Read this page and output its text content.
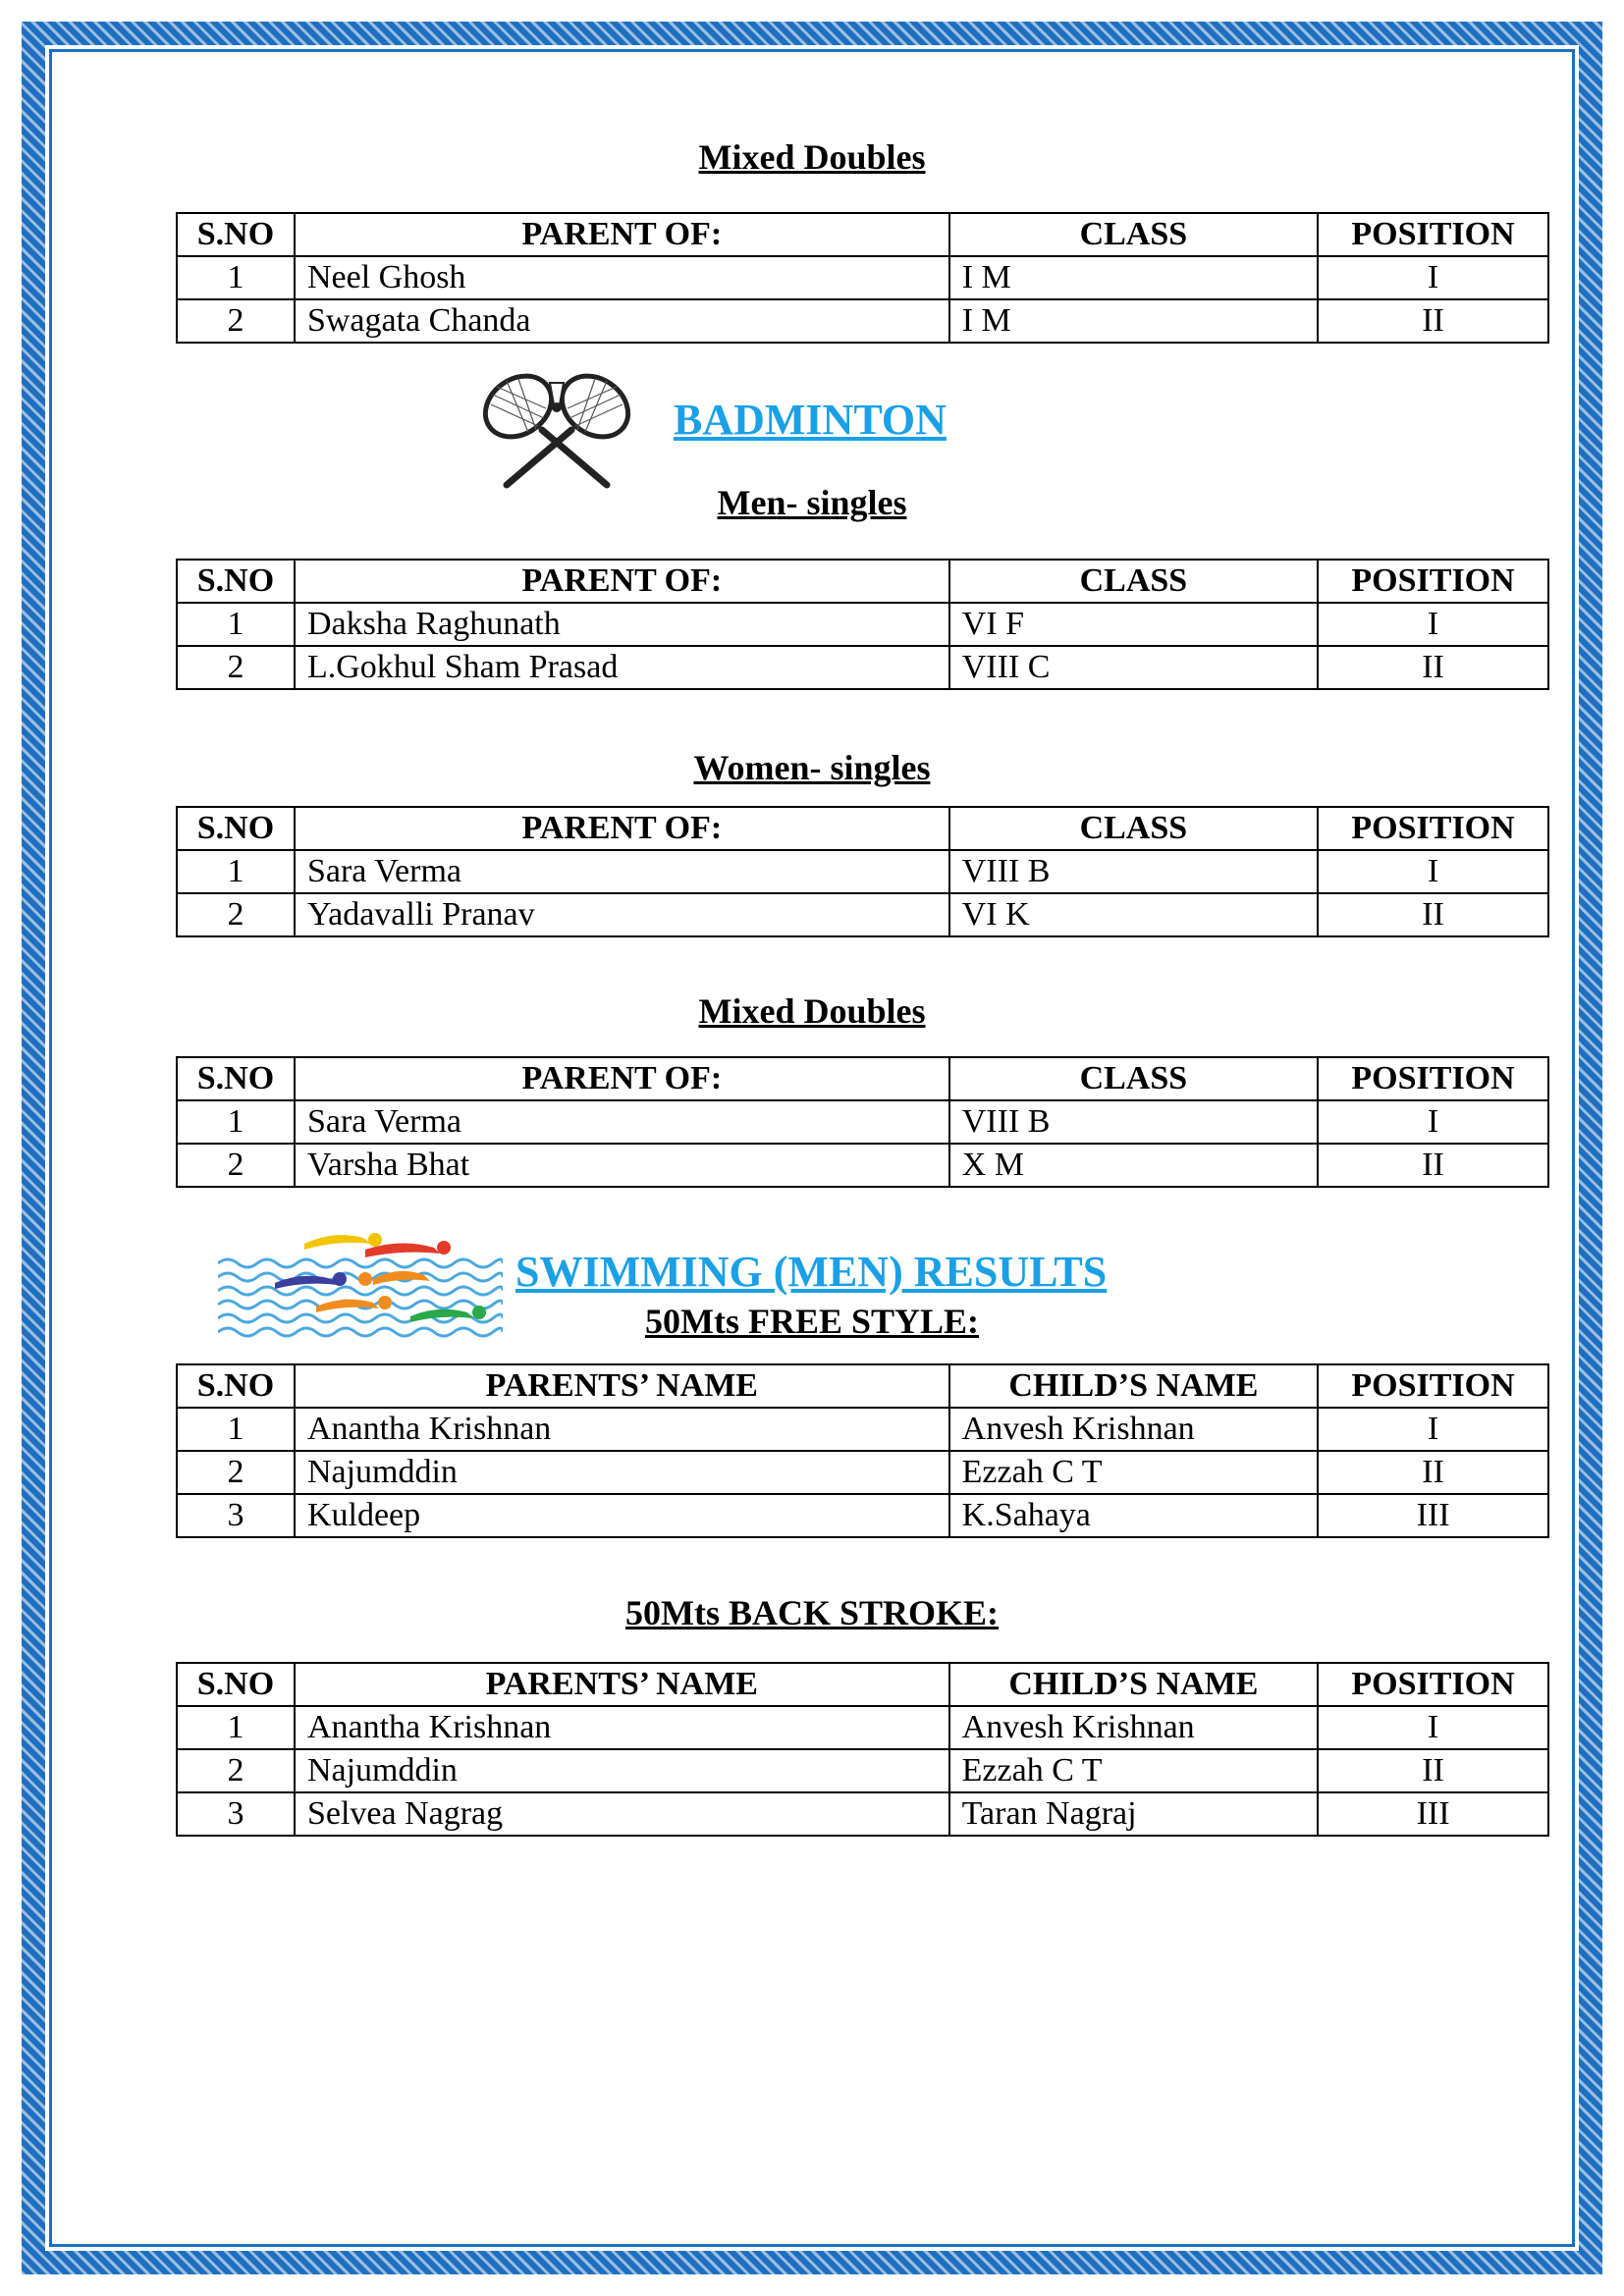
Mixed Doubles
S.NO	PARENT OF:	CLASS	POSITION
1	Neel Ghosh	I M	I
2	Swagata Chanda	I M	II
BADMINTON
Men- singles
S.NO	PARENT OF:	CLASS	POSITION
1	Daksha Raghunath	VI F	I
2	L.Gokhul Sham Prasad	VIII C	II
Women- singles
S.NO	PARENT OF:	CLASS	POSITION
1	Sara Verma	VIII B	I
2	Yadavalli Pranav	VI K	II
Mixed Doubles
S.NO	PARENT OF:	CLASS	POSITION
1	Sara Verma	VIII B	I
2	Varsha Bhat	X M	II
SWIMMING (MEN) RESULTS
50Mts FREE STYLE:
S.NO	PARENTS’ NAME	CHILD’S NAME	POSITION
1	Anantha Krishnan	Anvesh Krishnan	I
2	Najumddin	Ezzah C T	II
3	Kuldeep	K.Sahaya	III
50Mts BACK STROKE:
S.NO	PARENTS’ NAME	CHILD’S NAME	POSITION
1	Anantha Krishnan	Anvesh Krishnan	I
2	Najumddin	Ezzah C T	II
3	Selvea Nagrag	Taran Nagraj	III
